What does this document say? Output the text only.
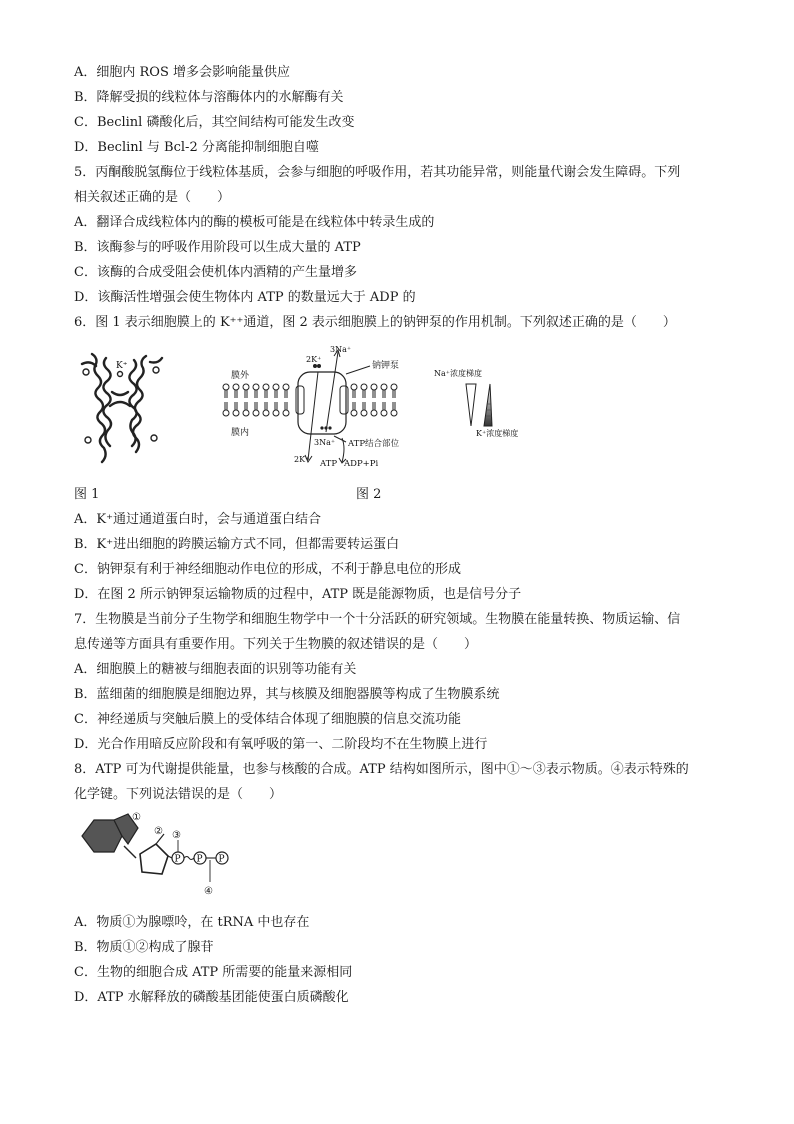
A．细胞内 ROS 增多会影响能量供应
B．降解受损的线粒体与溶酶体内的水解酶有关
C．Beclinl 磷酸化后，其空间结构可能发生改变
D．Beclinl 与 Bcl-2 分离能抑制细胞自噬
5．丙酮酸脱氢酶位于线粒体基质，会参与细胞的呼吸作用，若其功能异常，则能量代谢会发生障碍。下列
相关叙述正确的是（　　）
A．翻译合成线粒体内的酶的模板可能是在线粒体中转录生成的
B．该酶参与的呼吸作用阶段可以生成大量的 ATP
C．该酶的合成受阻会使机体内酒精的产生量增多
D．该酶活性增强会使生物体内 ATP 的数量远大于 ADP 的
6．图 1 表示细胞膜上的 K⁺⁺通道，图 2 表示细胞膜上的钠钾泵的作用机制。下列叙述正确的是（　　）
K⁺
膜外
膜内
钠钾泵
3Na⁺
2K⁺
3Na⁺
2K⁺
ATP结合部位
ATP ADP+Pi
Na⁺浓度梯度
K⁺浓度梯度
图 1	图 2
A．K⁺通过通道蛋白时，会与通道蛋白结合
B．K⁺进出细胞的跨膜运输方式不同，但都需要转运蛋白
C．钠钾泵有利于神经细胞动作电位的形成，不利于静息电位的形成
D．在图 2 所示钠钾泵运输物质的过程中，ATP 既是能源物质，也是信号分子
7．生物膜是当前分子生物学和细胞生物学中一个十分活跃的研究领域。生物膜在能量转换、物质运输、信
息传递等方面具有重要作用。下列关于生物膜的叙述错误的是（　　）
A．细胞膜上的糖被与细胞表面的识别等功能有关
B．蓝细菌的细胞膜是细胞边界，其与核膜及细胞器膜等构成了生物膜系统
C．神经递质与突触后膜上的受体结合体现了细胞膜的信息交流功能
D．光合作用暗反应阶段和有氧呼吸的第一、二阶段均不在生物膜上进行
8．ATP 可为代谢提供能量，也参与核酸的合成。ATP 结构如图所示，图中①～③表示物质。④表示特殊的
化学键。下列说法错误的是（　　）
P P P
①
② ③
④
A．物质①为腺嘌呤，在 tRNA 中也存在
B．物质①②构成了腺苷
C．生物的细胞合成 ATP 所需要的能量来源相同
D．ATP 水解释放的磷酸基团能使蛋白质磷酸化
